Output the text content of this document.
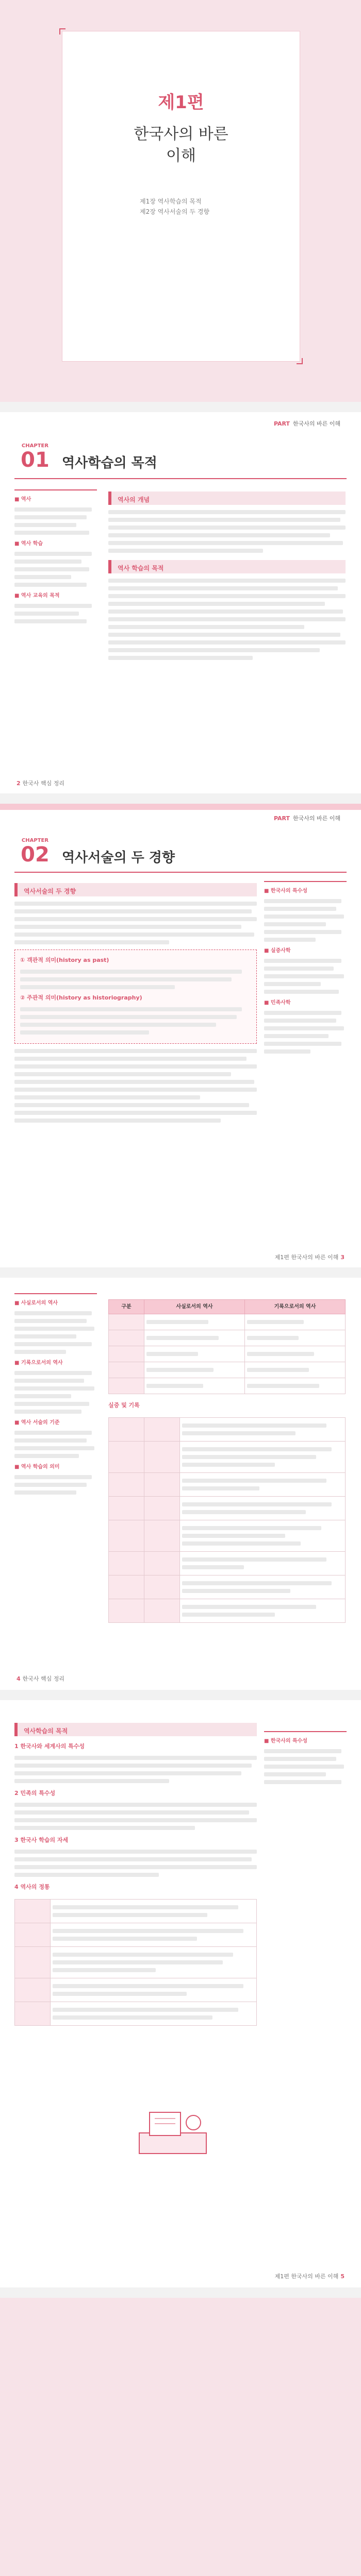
제1편
한국사의 바른
이해
제1장 역사학습의 목적
제2장 역사서술의 두 경향
PART 한국사의 바른 이해
CHAPTER
01 역사학습의 목적
■ 역사
■ 역사 학습
■ 역사 교육의 목적
역사의 개념
역사 학습의 목적
2 한국사 핵심 정리
PART 한국사의 바른 이해
CHAPTER
02 역사서술의 두 경향
역사서술의 두 경향
① 객관적 의미(history as past)
② 주관적 의미(history as historiography)
■ 한국사의 특수성
■ 실증사학
■ 민족사학
제1편 한국사의 바른 이해 3
■ 사실로서의 역사
■ 기록으로서의 역사
■ 역사 서술의 기준
■ 역사 학습의 의미
구분	사실로서의 역사	기록으로서의 역사

실증 및 기록

4 한국사 핵심 정리
역사학습의 목적
1 한국사와 세계사의 특수성
2 민족의 특수성
3 한국사 학습의 자세
4 역사의 정통

■ 한국사의 특수성
제1편 한국사의 바른 이해 5
